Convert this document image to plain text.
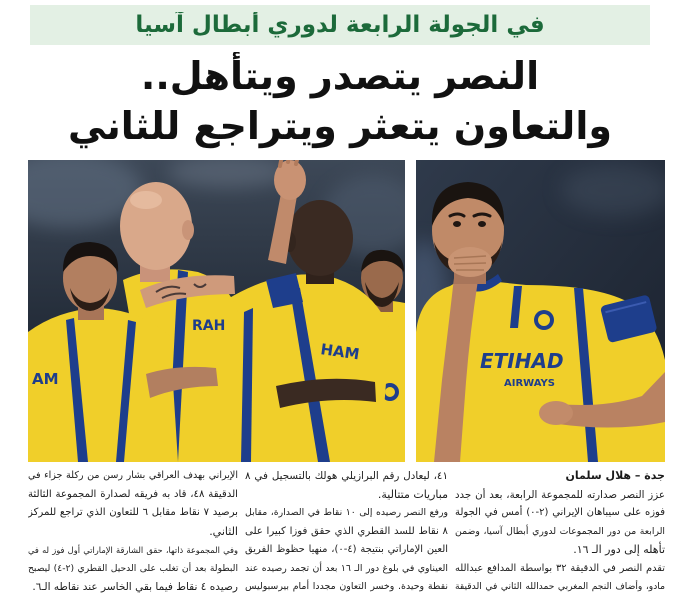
في الجولة الرابعة لدوري أبطال آسيا
النصر يتصدر ويتأهل..
والتعاون يتعثر ويتراجع للثاني
HAM
RAH
AM
ETIHAD
AIRWAYS
جدة – هلال سلمان
عزز النصر صدارته للمجموعة الرابعة، بعد أن جدد
فوزه على سيباهان الإيراني (٢-٠) أمس في الجولة
الرابعة من دور المجموعات لدوري أبطال آسيا، وضمن
تأهله إلى دور الـ ١٦.
تقدم النصر في الدقيقة ٣٢ بواسطة المدافع عبدالله
مادو، وأضاف النجم المغربي حمدالله الثاني في الدقيقة
٤١، ليعادل رقم البرازيلي هولك بالتسجيل في ٨
مباريات متتالية.
ورفع النصر رصيده إلى ١٠ نقاط في الصدارة، مقابل
٨ نقاط للسد القطري الذي حقق فوزا كبيرا على
العين الإماراتي بنتيجة (٤-٠)، منهيا حظوظ الفريق
العيناوي في بلوغ دور الـ ١٦ بعد أن تجمد رصيده عند
نقطة وحيدة. وخسر التعاون مجددا أمام بيرسبوليس
الإيراني بهدف العراقي بشار رسن من ركلة جزاء في
الدقيقة ٤٨، قاد به فريقه لصدارة المجموعة الثالثة
برصيد ٧ نقاط مقابل ٦ للتعاون الذي تراجع للمركز
الثاني.
وفي المجموعة ذاتها، حقق الشارقة الإماراتي أول فوز له في
البطولة بعد أن تغلب على الدحيل القطري (٢-٤) ليصبح
رصيده ٤ نقاط فيما بقي الخاسر عند نقاطه الـ٦.
